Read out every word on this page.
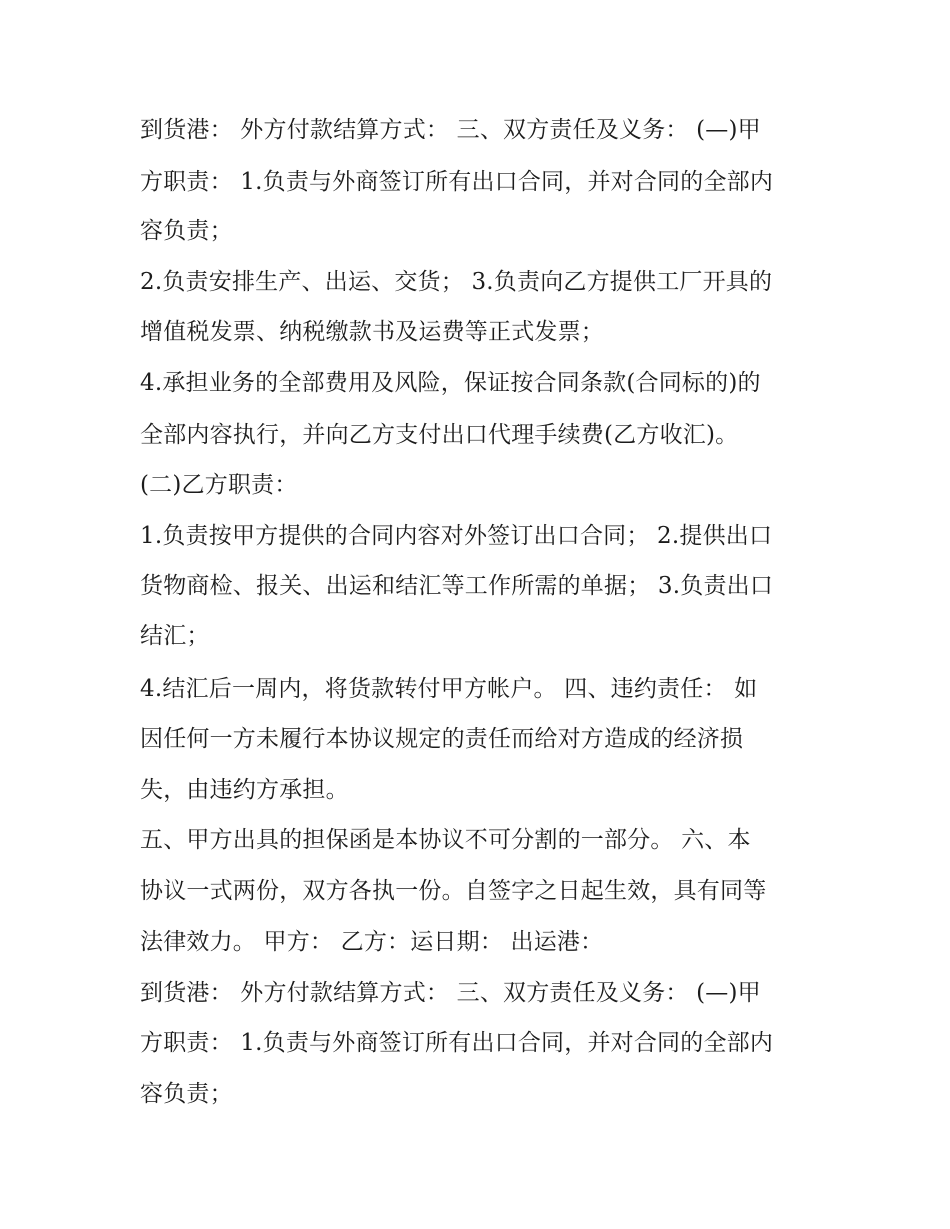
到货港： 外方付款结算方式： 三、双方责任及义务： (—)甲
方职责： 1.负责与外商签订所有出口合同，并对合同的全部内
容负责；
2.负责安排生产、出运、交货； 3.负责向乙方提供工厂开具的
增值税发票、纳税缴款书及运费等正式发票；
4.承担业务的全部费用及风险，保证按合同条款(合同标的)的
全部内容执行，并向乙方支付出口代理手续费(乙方收汇)。
(二)乙方职责：
1.负责按甲方提供的合同内容对外签订出口合同； 2.提供出口
货物商检、报关、出运和结汇等工作所需的单据； 3.负责出口
结汇；
4.结汇后一周内，将货款转付甲方帐户。 四、违约责任： 如
因任何一方未履行本协议规定的责任而给对方造成的经济损
失，由违约方承担。
五、甲方出具的担保函是本协议不可分割的一部分。 六、本
协议一式两份，双方各执一份。自签字之日起生效，具有同等
法律效力。 甲方： 乙方：运日期： 出运港：
到货港： 外方付款结算方式： 三、双方责任及义务： (—)甲
方职责： 1.负责与外商签订所有出口合同，并对合同的全部内
容负责；
